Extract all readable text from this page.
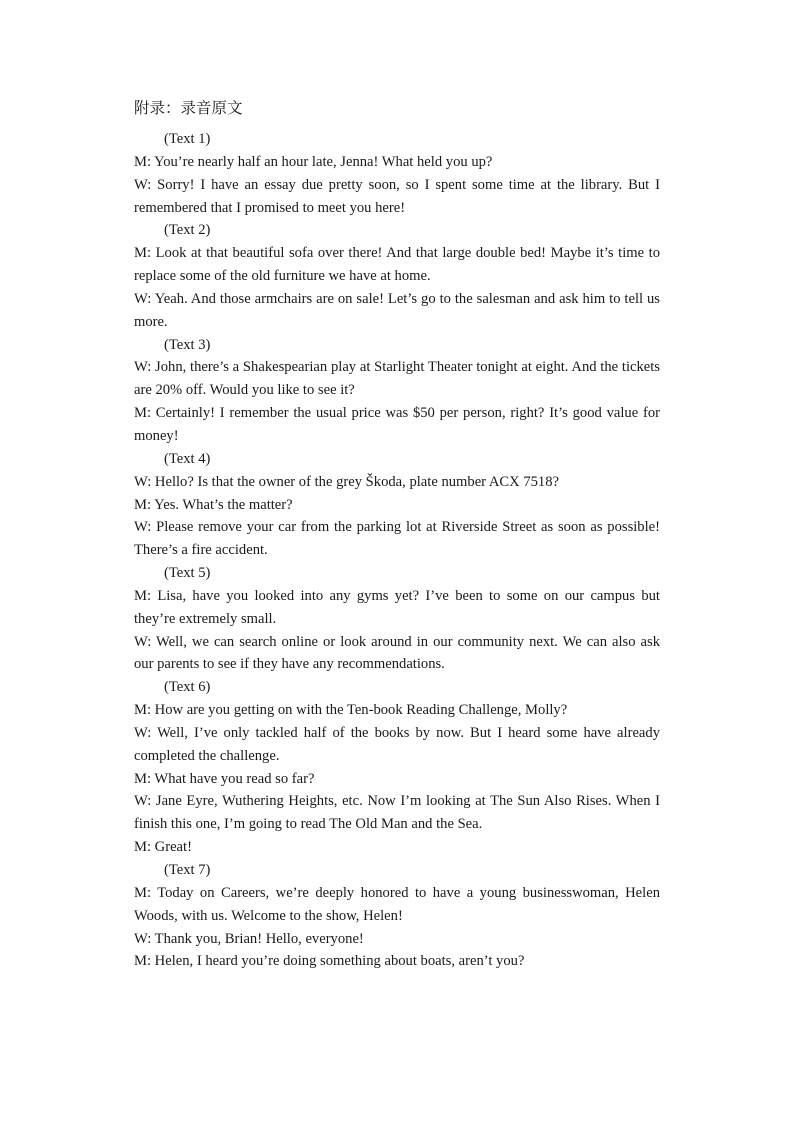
附录：录音原文

(Text 1)

M: You’re nearly half an hour late, Jenna! What held you up?

W: Sorry! I have an essay due pretty soon, so I spent some time at the library. But I remembered that I promised to meet you here!

(Text 2)

M: Look at that beautiful sofa over there! And that large double bed! Maybe it’s time to replace some of the old furniture we have at home.

W: Yeah. And those armchairs are on sale! Let’s go to the salesman and ask him to tell us more.

(Text 3)

W: John, there’s a Shakespearian play at Starlight Theater tonight at eight. And the tickets are 20% off. Would you like to see it?

M: Certainly! I remember the usual price was $50 per person, right? It’s good value for money!

(Text 4)

W: Hello? Is that the owner of the grey Škoda, plate number ACX 7518?

M: Yes. What’s the matter?

W: Please remove your car from the parking lot at Riverside Street as soon as possible! There’s a fire accident.

(Text 5)

M: Lisa, have you looked into any gyms yet? I’ve been to some on our campus but they’re extremely small.

W: Well, we can search online or look around in our community next. We can also ask our parents to see if they have any recommendations.

(Text 6)

M: How are you getting on with the Ten-book Reading Challenge, Molly?

W: Well, I’ve only tackled half of the books by now. But I heard some have already completed the challenge.

M: What have you read so far?

W: Jane Eyre, Wuthering Heights, etc. Now I’m looking at The Sun Also Rises. When I finish this one, I’m going to read The Old Man and the Sea.

M: Great!

(Text 7)

M: Today on Careers, we’re deeply honored to have a young businesswoman, Helen Woods, with us. Welcome to the show, Helen!

W: Thank you, Brian! Hello, everyone!

M: Helen, I heard you’re doing something about boats, aren’t you?
